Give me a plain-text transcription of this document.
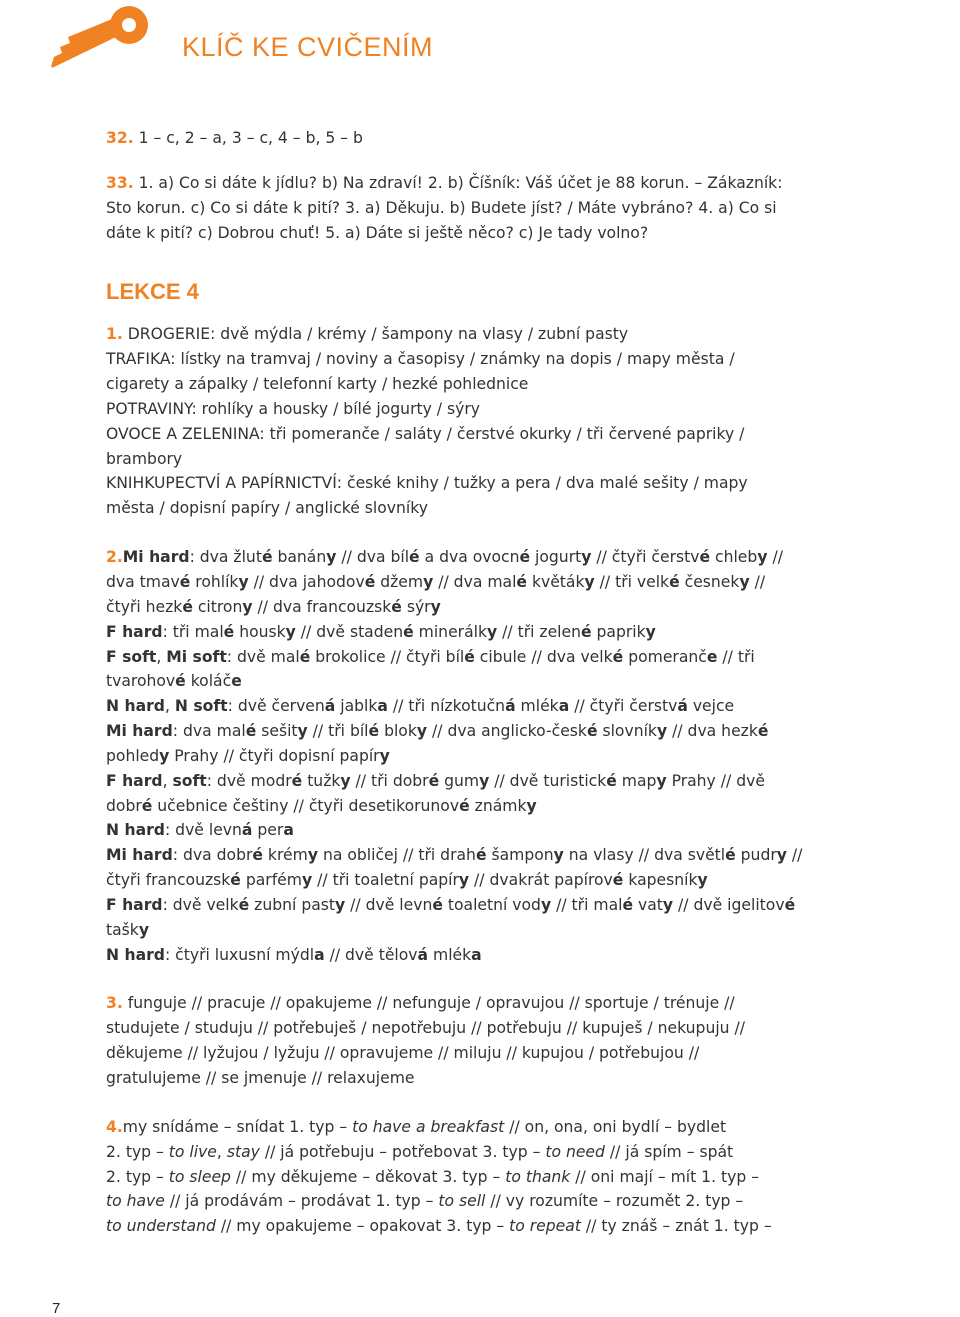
KLÍČ KE CVIČENÍM

32. 1 – c, 2 – a, 3 – c, 4 – b, 5 – b

33. 1. a) Co si dáte k jídlu? b) Na zdraví! 2. b) Číšník: Váš účet je 88 korun. – Zákazník:

Sto korun. c) Co si dáte k pití? 3. a) Děkuju. b) Budete jíst? / Máte vybráno? 4. a) Co si

dáte k pití? c) Dobrou chuť! 5. a) Dáte si ještě něco? c) Je tady volno?

LEKCE 4

1. DROGERIE: dvě mýdla / krémy / šampony na vlasy / zubní pasty

TRAFIKA: lístky na tramvaj / noviny a časopisy / známky na dopis / mapy města /

cigarety a zápalky / telefonní karty / hezké pohlednice

POTRAVINY: rohlíky a housky / bílé jogurty / sýry

OVOCE A ZELENINA: tři pomeranče / saláty / čerstvé okurky / tři červené papriky /

brambory

KNIHKUPECTVÍ A PAPÍRNICTVÍ: české knihy / tužky a pera / dva malé sešity / mapy

města / dopisní papíry / anglické slovníky

2. Mi hard: dva žluté banány // dva bílé a dva ovocné jogurty // čtyři čerstvé chleby //

dva tmavé rohlíky // dva jahodové džemy // dva malé květáky // tři velké česneky //

čtyři hezké citrony // dva francouzské sýry

F hard: tři malé housky // dvě stadené minerálky // tři zelené papriky

F soft, Mi soft: dvě malé brokolice // čtyři bílé cibule // dva velké pomeranče // tři

tvarohové koláče

N hard, N soft: dvě červená jablka // tři nízkotučná mléka // čtyři čerstvá vejce

Mi hard: dva malé sešity // tři bílé bloky // dva anglicko-české slovníky // dva hezké

pohledy Prahy // čtyři dopisní papíry

F hard, soft: dvě modré tužky // tři dobré gumy // dvě turistické mapy Prahy // dvě

dobré učebnice češtiny // čtyři desetikorunové známky

N hard: dvě levná pera

Mi hard: dva dobré krémy na obličej // tři drahé šampony na vlasy // dva světlé pudry //

čtyři francouzské parfémy // tři toaletní papíry // dvakrát papírové kapesníky

F hard: dvě velké zubní pasty // dvě levné toaletní vody // tři malé vaty // dvě igelitové

tašky

N hard: čtyři luxusní mýdla // dvě tělová mléka

3. funguje // pracuje // opakujeme // nefunguje / opravujou // sportuje / trénuje //

studujete / studuju // potřebuješ / nepotřebuju // potřebuju // kupuješ / nekupuju //

děkujeme // lyžujou / lyžuju // opravujeme // miluju // kupujou / potřebujou //

gratulujeme // se jmenuje // relaxujeme

4. my snídáme – snídat 1. typ – to have a breakfast // on, ona, oni bydlí – bydlet

2. typ – to live, stay // já potřebuju – potřebovat 3. typ – to need // já spím – spát

2. typ – to sleep // my děkujeme – děkovat 3. typ – to thank // oni mají – mít 1. typ –

to have // já prodávám – prodávat 1. typ – to sell // vy rozumíte – rozumět 2. typ –

to understand // my opakujeme – opakovat 3. typ – to repeat // ty znáš – znát 1. typ –

7
